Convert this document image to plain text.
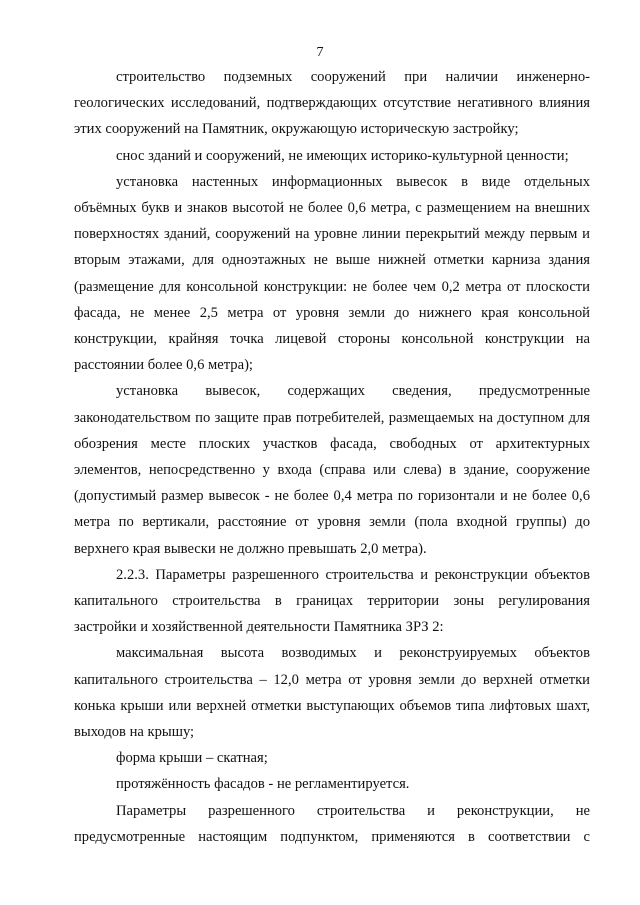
7

строительство подземных сооружений при наличии инженерно-геологических исследований, подтверждающих отсутствие негативного влияния этих сооружений на Памятник, окружающую историческую застройку;

снос зданий и сооружений, не имеющих историко-культурной ценности;

установка настенных информационных вывесок в виде отдельных объёмных букв и знаков высотой не более 0,6 метра, с размещением на внешних поверхностях зданий, сооружений на уровне линии перекрытий между первым и вторым этажами, для одноэтажных не выше нижней отметки карниза здания (размещение для консольной конструкции: не более чем 0,2 метра от плоскости фасада, не менее 2,5 метра от уровня земли до нижнего края консольной конструкции, крайняя точка лицевой стороны консольной конструкции на расстоянии более 0,6 метра);

установка вывесок, содержащих сведения, предусмотренные законодательством по защите прав потребителей, размещаемых на доступном для обозрения месте плоских участков фасада, свободных от архитектурных элементов, непосредственно у входа (справа или слева) в здание, сооружение (допустимый размер вывесок - не более 0,4 метра по горизонтали и не более 0,6 метра по вертикали, расстояние от уровня земли (пола входной группы) до верхнего края вывески не должно превышать 2,0 метра).

2.2.3. Параметры разрешенного строительства и реконструкции объектов капитального строительства в границах территории зоны регулирования застройки и хозяйственной деятельности Памятника ЗРЗ 2:

максимальная высота возводимых и реконструируемых объектов капитального строительства – 12,0 метра от уровня земли до верхней отметки конька крыши или верхней отметки выступающих объемов типа лифтовых шахт, выходов на крышу;

форма крыши – скатная;

протяжённость фасадов - не регламентируется.

Параметры разрешенного строительства и реконструкции, не предусмотренные настоящим подпунктом, применяются в соответствии с
